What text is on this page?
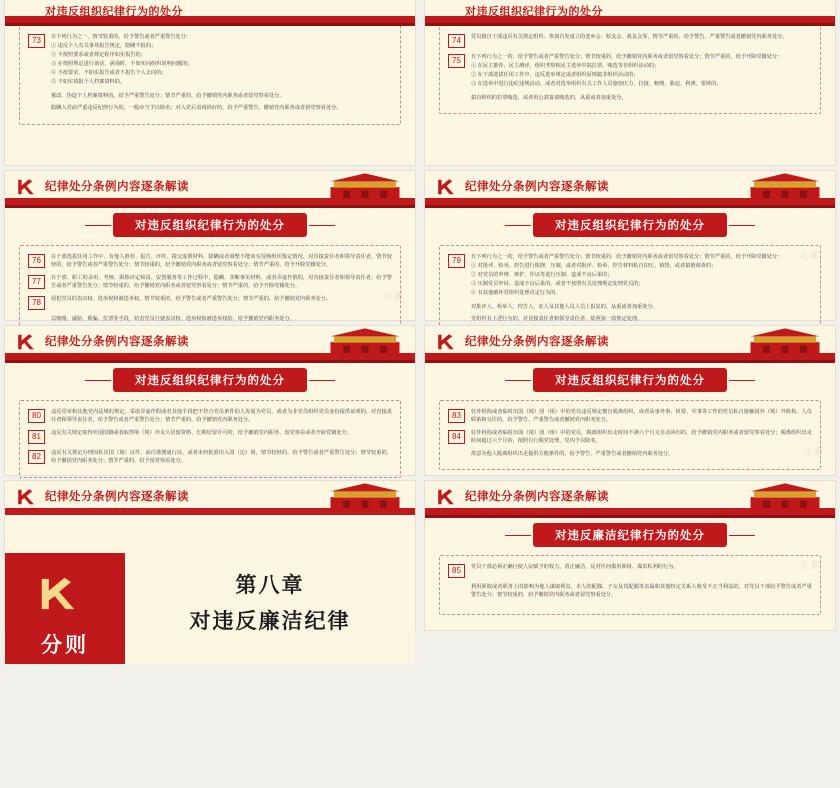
对违反组织纪律行为的处分
73	有下列行为之一，情节较重的，给予警告或者严重警告处分：

① 违反个人有关事项报告规定，隐瞒不报的；

② 不按照要求或者规定程序如实报告的；

③ 在按照规定进行谈话、函询时，不如实向组织说明问题的；

④ 不按要求、不如实报告或者不报告个人去向的；

⑤ 不如实填报个人档案资料的。

篡改、伪造个人档案资料的，给予严重警告处分；情节严重的，给予撤销党内职务或者留党察看处分。
隐瞒入党前严重违反纪律行为的，一般应当予以除名；对入党后表现尚好的，给予严重警告、撤销党内职务或者留党察看处分。
对违反组织纪律行为的处分
74	党员擅自干部违反有关规定组织、参加自发成立的老乡会、校友会、战友会等，情节严重的，给予警告、严重警告或者撤销党内职务处分。

75	有下列行为之一的，给予警告或者严重警告处分；情节较重的，给予撤销党内职务或者留党察看处分；情节严重的，给予开除党籍处分：

① 在民主推荐、民主测评、组织考察和民主选举中搞拉票、贿选等非组织活动的；

② 在干部选拔任用工作中，违反选举规定或者组织原则搞非组织活动的；

③ 在选举中进行违纪违规活动，或者对选举组织有关工作人员施加压力、拉拢、贿赂、胁迫、利诱、要挟的。

搞有组织的拉票贿选，或者用公款宴请贿选的，从重或者加重处分。
纪律处分条例内容逐条解读
对违反组织纪律行为的处分
76	在干部选拔任用工作中，有他人推荐、报告、评荐、提交虚假材料、隐瞒或者调整不能如实反映组织鉴定情况、对直接责任者和领导责任者，情节较轻的，给予警告或者严重警告处分；情节较重的，给予撤销党内职务或者留党察看处分；情节严重的，给予开除党籍处分。
77	在干部、职工的录用、考核、职称评定和岗、安置服务等工作过程中，隐瞒、垄断事实材料，或者弄虚作假的，对直接责任者和领导责任者，给予警告或者严重警告处分；情节较重的，给予撤销党内职务或者留党察看处分；情节严重的，给予开除党籍处分。
78	侵犯党员的表决权、选举权和被选举权，情节较重的，给予警告或者严重警告处分；情节严重的，给予撤销党内职务处分。
以贿赂、威胁、欺骗、拉票等手段，妨害党员行使表决权、选举权和被选举权的，给予撤销党内职务处分。
元素
纪律处分条例内容逐条解读
对违反组织纪律行为的处分
79	有下列行为之一的，给予警告或者严重警告处分；情节较重的，给予撤销党内职务或者留党察看处分；情节严重的，给予开除党籍处分：

① 对批评、检举、控告进行阻挠、压制，或者对批评、检举、控告材料私自扣压、销毁，或者搞假调查的；

② 对党员的申辩、辩护、作证等进行压制、造成不良后果的；

③ 压制党员申诉、造成不良后果的，或者不按照有关处理规定处理党员的；

④ 有其他破坏党组织处理决定行为的。

对批评人、检举人、控告人、证人及其他人员人员上报复的，从重或者加重处分。
党组织有上述行为的，对直接责任者和领导责任者，依照第一款规定处理。
元素
纪律处分条例内容逐条解读
对违反组织纪律行为的处分
80	违反党章和其他党内法规的规定，采取弄虚作假或者其他手段把不符合党员条件的人发展为党员，或者为非党员组织党员身份提供证明的，对直接责任者和领导责任者，给予警告或者严重警告处分；情节严重的，给予撤销党内职务处分。
81	违反有关规定取得外国国籍或者取得境（境）外永久居留资格、长期居留许可的，给予撤销党内职务、留党察看或者开除党籍处分。
82	违反有关规定办理因私出国（境）证件、前往港澳通行证，或者未经批准出入国（边）境，情节较轻的，给予警告或者严重警告处分；情节较重的，给予撤销党内职务处分；情节严重的，给予留党察看处分。
纪律处分条例内容逐条解读
对违反组织纪律行为的处分
83	驻外机构或者临时出国（境）团（组）中的党员违反规定擅自脱离组织，或者从事外事、机要、军事等工作的党员私自接触国外（境）外机构、人员联系和交往的，给予警告、严重警告或者撤销党内职务处分。
84	驻外机构或者临时出国（境）团（组）中的党员，脱离组织出走时间不满六个月又自动回归的，给予撤销党内职务或者留党察看处分；脱离组织出走时间超过六个月的，按照自行脱党处理，党内予以除名。
故意为他人脱离组织出走提供方便条件的，给予警告、严重警告或者撤销党内职务处分。	元素
纪律处分条例内容逐条解读
分则
第八章
对违反廉洁纪律
纪律处分条例内容逐条解读
对违反廉洁纪律行为的处分
85	党员干部必须正确行使人民赋予的权力，清正廉洁，反对任何滥用职权、谋求私利的行为。
利用职权或者职务上的影响为他人谋取利益，本人的配偶、子女及其配偶等亲属和其他特定关系人收受不正当利益的，对党员干部给予警告或者严重警告处分；情节较重的，给予撤销党内职务或者留党察看处分。
元素
